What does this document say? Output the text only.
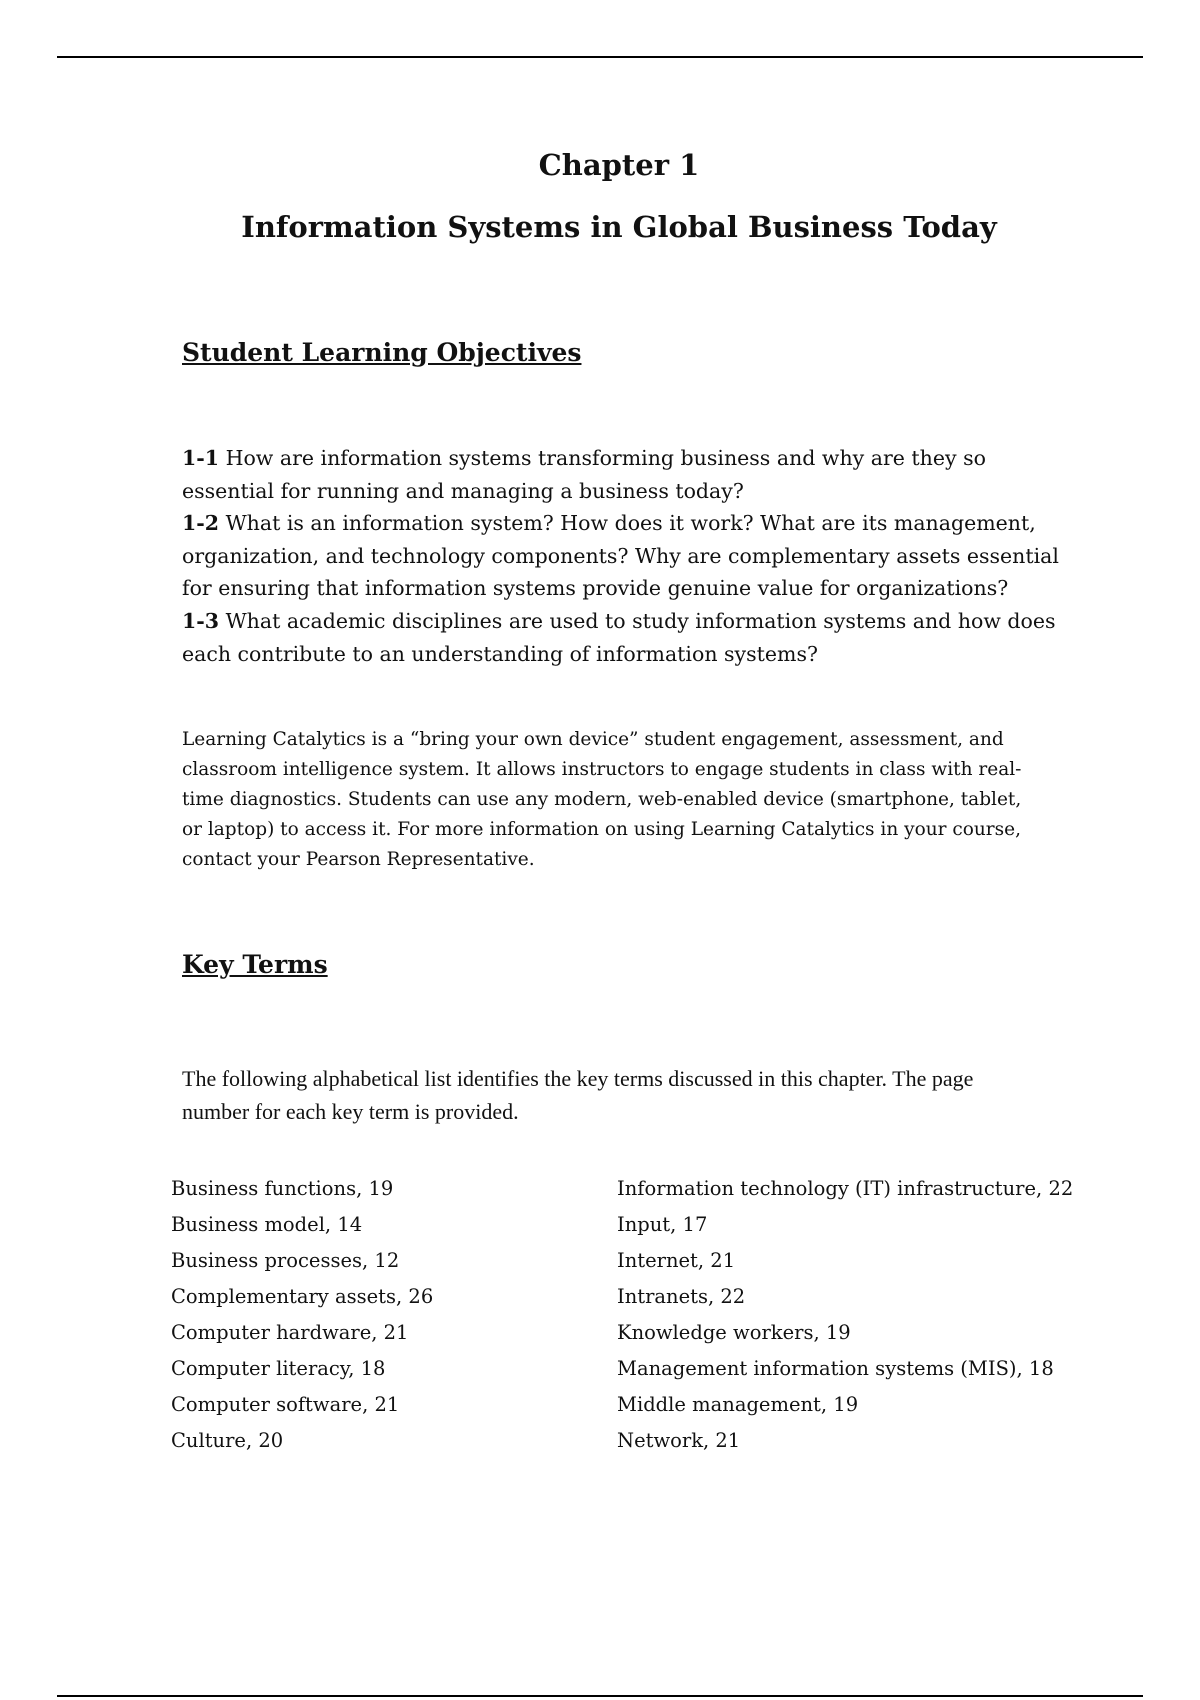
Chapter 1
Information Systems in Global Business Today
Student Learning Objectives

1-1 How are information systems transforming business and why are they so essential for running and managing a business today?

1-2 What is an information system? How does it work? What are its management, organization, and technology components? Why are complementary assets essential for ensuring that information systems provide genuine value for organizations?

1-3 What academic disciplines are used to study information systems and how does each contribute to an understanding of information systems?

Learning Catalytics is a “bring your own device” student engagement, assessment, and classroom intelligence system. It allows instructors to engage students in class with real-time diagnostics. Students can use any modern, web-enabled device (smartphone, tablet, or laptop) to access it. For more information on using Learning Catalytics in your course, contact your Pearson Representative.

Key Terms

The following alphabetical list identifies the key terms discussed in this chapter. The page number for each key term is provided.

Business functions, 19
Business model, 14
Business processes, 12
Complementary assets, 26
Computer hardware, 21
Computer literacy, 18
Computer software, 21
Culture, 20
Information technology (IT) infrastructure, 22
Input, 17
Internet, 21
Intranets, 22
Knowledge workers, 19
Management information systems (MIS), 18
Middle management, 19
Network, 21
